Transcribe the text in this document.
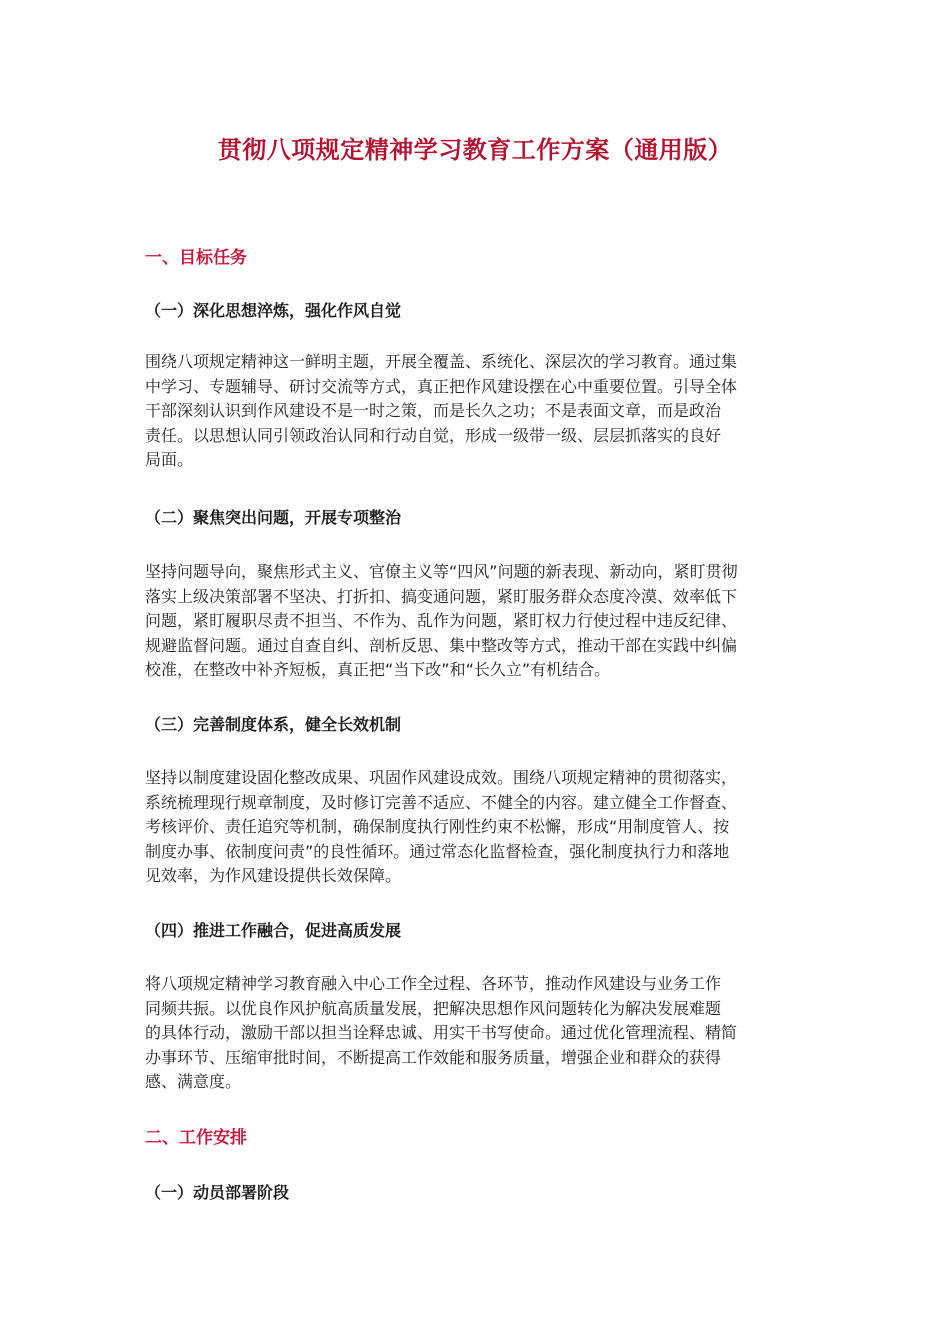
贯彻八项规定精神学习教育工作方案（通用版）

一、目标任务

（一）深化思想淬炼，强化作风自觉

围绕八项规定精神这一鲜明主题，开展全覆盖、系统化、深层次的学习教育。通过集

中学习、专题辅导、研讨交流等方式，真正把作风建设摆在心中重要位置。引导全体

干部深刻认识到作风建设不是一时之策，而是长久之功；不是表面文章，而是政治

责任。以思想认同引领政治认同和行动自觉，形成一级带一级、层层抓落实的良好

局面。

（二）聚焦突出问题，开展专项整治

坚持问题导向，聚焦形式主义、官僚主义等“四风”问题的新表现、新动向，紧盯贯彻

落实上级决策部署不坚决、打折扣、搞变通问题，紧盯服务群众态度冷漠、效率低下

问题，紧盯履职尽责不担当、不作为、乱作为问题，紧盯权力行使过程中违反纪律、

规避监督问题。通过自查自纠、剖析反思、集中整改等方式，推动干部在实践中纠偏

校准，在整改中补齐短板，真正把“当下改”和“长久立”有机结合。

（三）完善制度体系，健全长效机制

坚持以制度建设固化整改成果、巩固作风建设成效。围绕八项规定精神的贯彻落实，

系统梳理现行规章制度，及时修订完善不适应、不健全的内容。建立健全工作督查、

考核评价、责任追究等机制，确保制度执行刚性约束不松懈，形成“用制度管人、按

制度办事、依制度问责”的良性循环。通过常态化监督检查，强化制度执行力和落地

见效率，为作风建设提供长效保障。

（四）推进工作融合，促进高质发展

将八项规定精神学习教育融入中心工作全过程、各环节，推动作风建设与业务工作

同频共振。以优良作风护航高质量发展，把解决思想作风问题转化为解决发展难题

的具体行动，激励干部以担当诠释忠诚、用实干书写使命。通过优化管理流程、精简

办事环节、压缩审批时间，不断提高工作效能和服务质量，增强企业和群众的获得

感、满意度。

二、工作安排

（一）动员部署阶段
